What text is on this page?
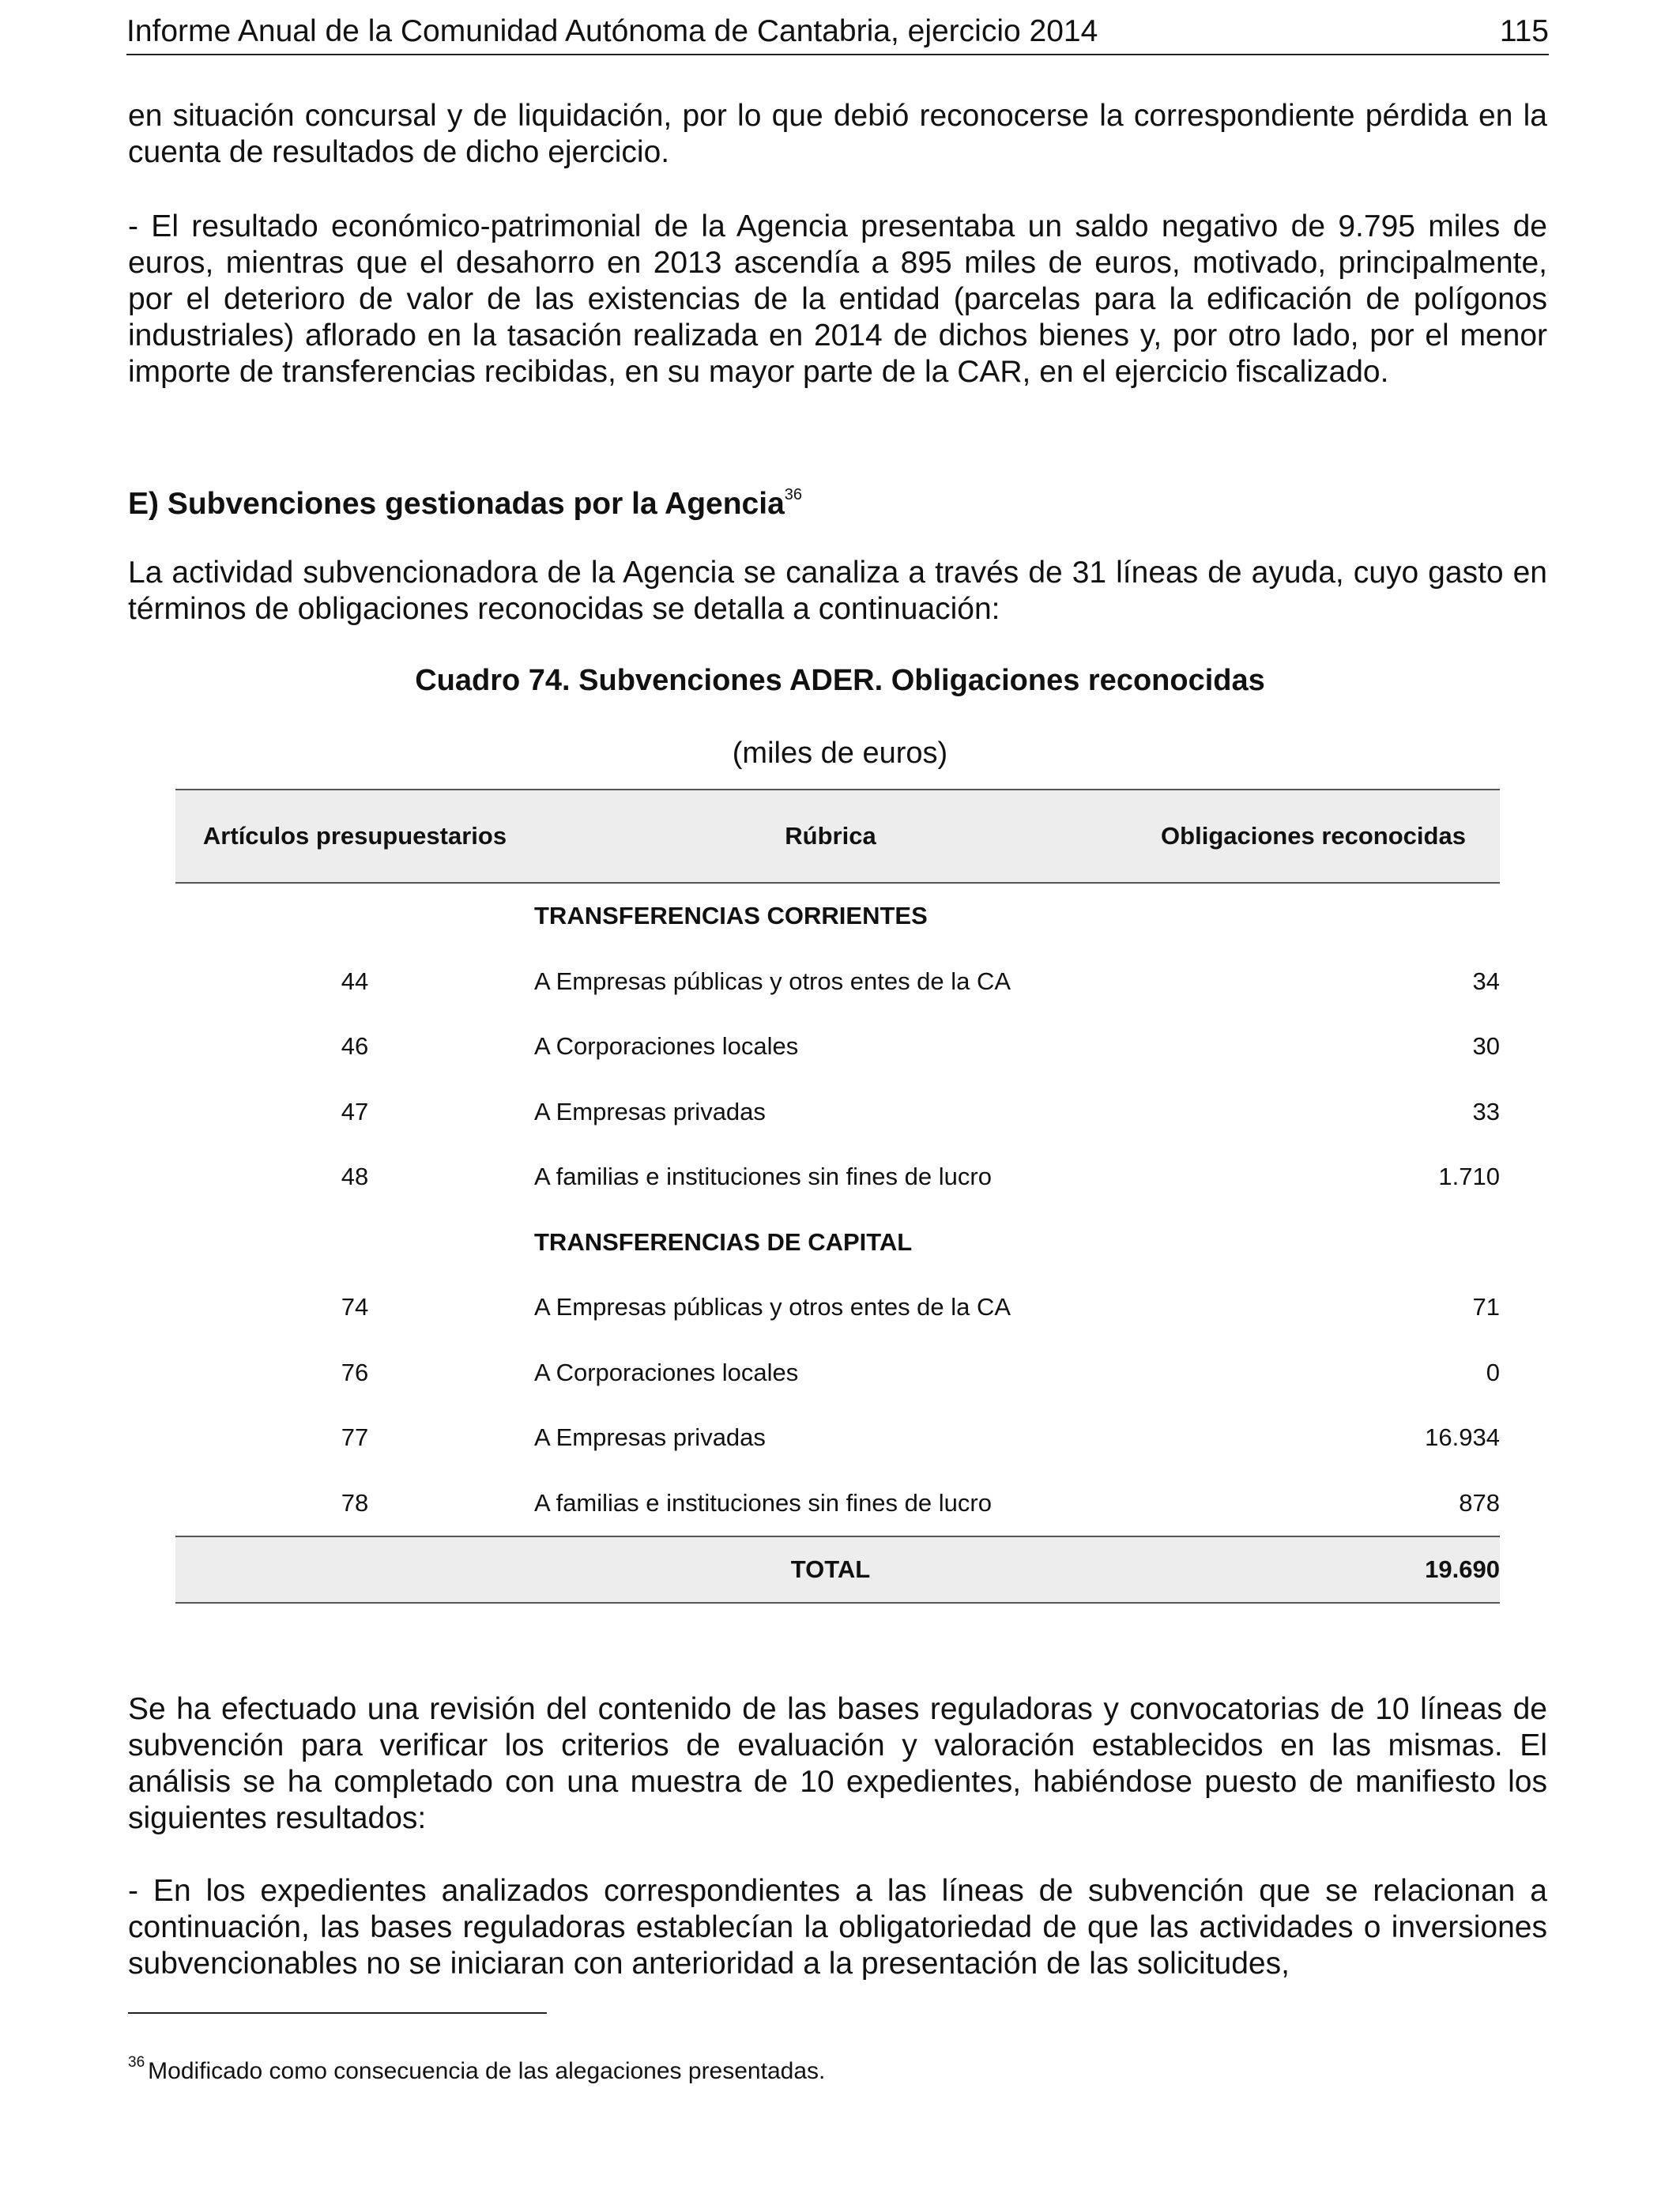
Informe Anual de la Comunidad Autónoma de Cantabria, ejercicio 2014	115

en situación concursal y de liquidación, por lo que debió reconocerse la correspondiente pérdida en la cuenta de resultados de dicho ejercicio.

- El resultado económico-patrimonial de la Agencia presentaba un saldo negativo de 9.795 miles de euros, mientras que el desahorro en 2013 ascendía a 895 miles de euros, motivado, principalmente, por el deterioro de valor de las existencias de la entidad (parcelas para la edificación de polígonos industriales) aflorado en la tasación realizada en 2014 de dichos bienes y, por otro lado, por el menor importe de transferencias recibidas, en su mayor parte de la CAR, en el ejercicio fiscalizado.

E) Subvenciones gestionadas por la Agencia$^{36}$

La actividad subvencionadora de la Agencia se canaliza a través de 31 líneas de ayuda, cuyo gasto en términos de obligaciones reconocidas se detalla a continuación:

Cuadro 74. Subvenciones ADER. Obligaciones reconocidas

(miles de euros)

Artículos presupuestarios	Rúbrica	Obligaciones reconocidas
	TRANSFERENCIAS CORRIENTES	
44	A Empresas públicas y otros entes de la CA	34
46	A Corporaciones locales	30
47	A Empresas privadas	33
48	A familias e instituciones sin fines de lucro	1.710
	TRANSFERENCIAS DE CAPITAL	
74	A Empresas públicas y otros entes de la CA	71
76	A Corporaciones locales	0
77	A Empresas privadas	16.934
78	A familias e instituciones sin fines de lucro	878
	TOTAL	19.690

Se ha efectuado una revisión del contenido de las bases reguladoras y convocatorias de 10 líneas de subvención para verificar los criterios de evaluación y valoración establecidos en las mismas. El análisis se ha completado con una muestra de 10 expedientes, habiéndose puesto de manifiesto los siguientes resultados:

- En los expedientes analizados correspondientes a las líneas de subvención que se relacionan a continuación, las bases reguladoras establecían la obligatoriedad de que las actividades o inversiones subvencionables no se iniciaran con anterioridad a la presentación de las solicitudes,

$^{36}$ Modificado como consecuencia de las alegaciones presentadas.
